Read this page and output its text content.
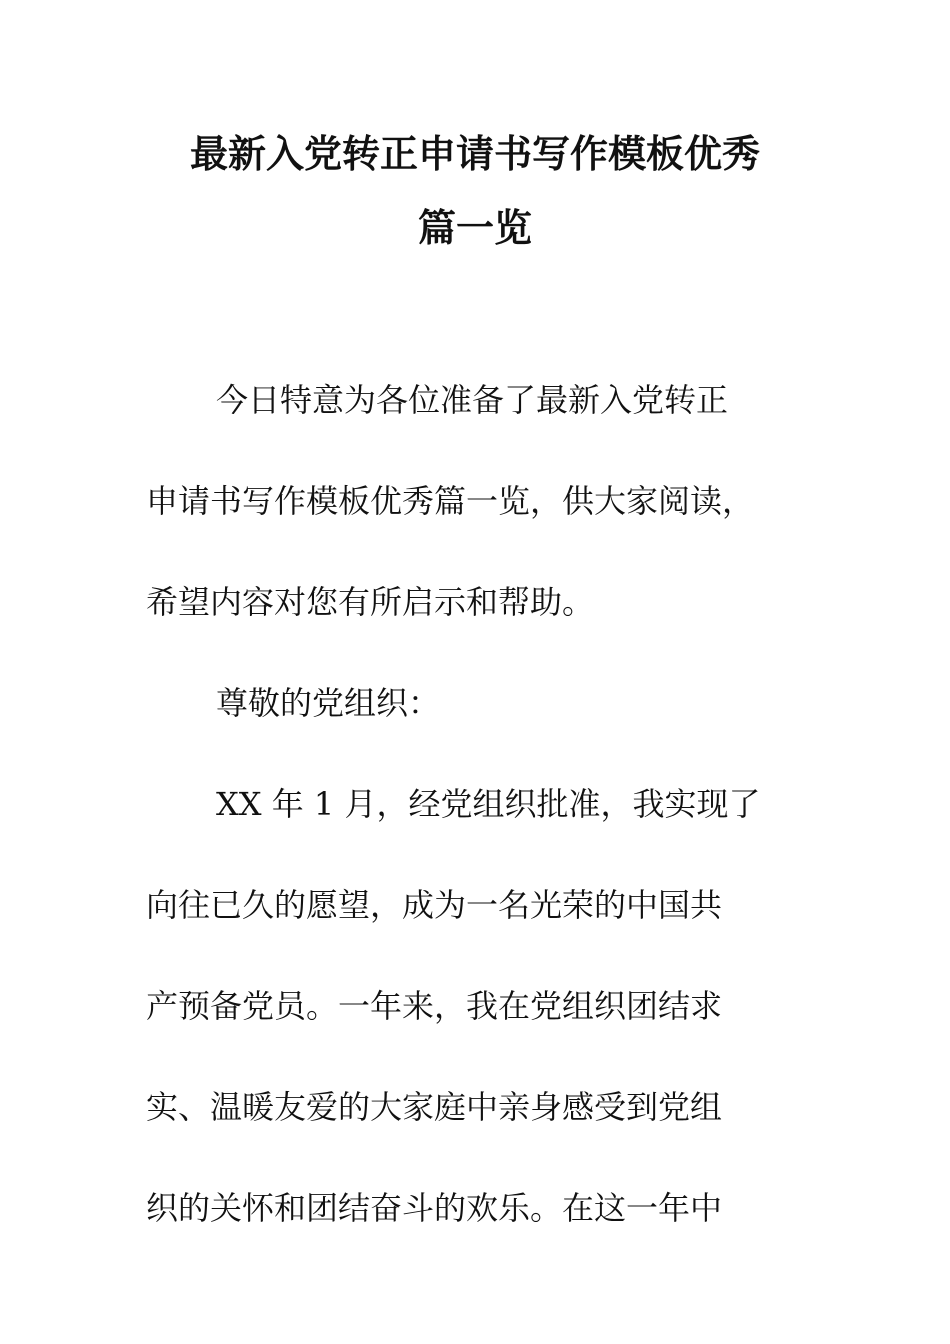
最新入党转正申请书写作模板优秀
篇一览

今日特意为各位准备了最新入党转正

申请书写作模板优秀篇一览，供大家阅读，

希望内容对您有所启示和帮助。

尊敬的党组织：

XX 年 1 月，经党组织批准，我实现了

向往已久的愿望，成为一名光荣的中国共

产预备党员。一年来，我在党组织团结求

实、温暖友爱的大家庭中亲身感受到党组

织的关怀和团结奋斗的欢乐。在这一年中
